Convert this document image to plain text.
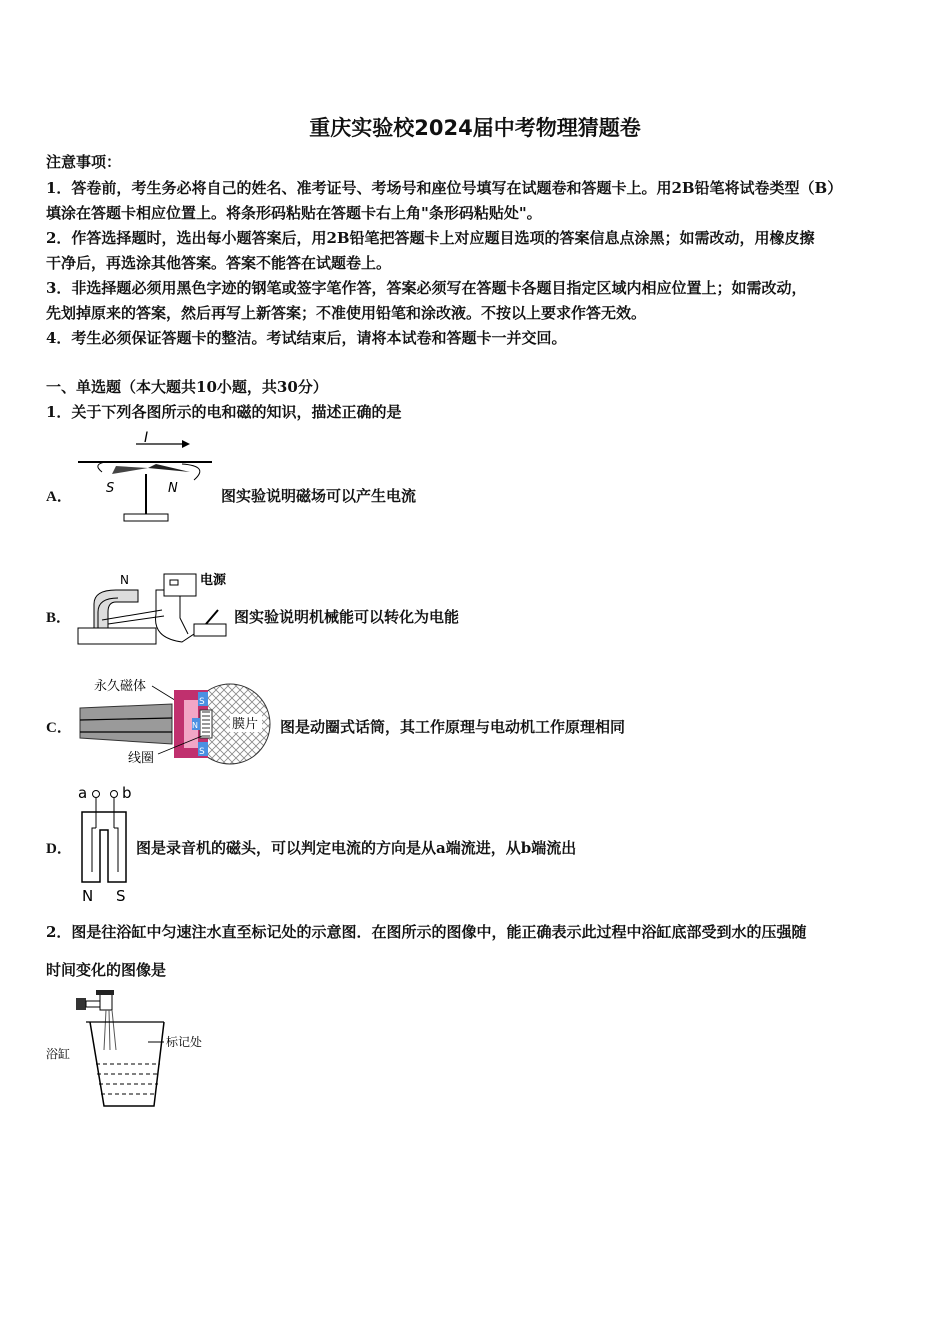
重庆实验校2024届中考物理猜题卷
注意事项：
1．答卷前，考生务必将自己的姓名、准考证号、考场号和座位号填写在试题卷和答题卡上。用2B铅笔将试卷类型（B）
填涂在答题卡相应位置上。将条形码粘贴在答题卡右上角"条形码粘贴处"。
2．作答选择题时，选出每小题答案后，用2B铅笔把答题卡上对应题目选项的答案信息点涂黑；如需改动，用橡皮擦
干净后，再选涂其他答案。答案不能答在试题卷上。
3．非选择题必须用黑色字迹的钢笔或签字笔作答，答案必须写在答题卡各题目指定区域内相应位置上；如需改动，
先划掉原来的答案，然后再写上新答案；不准使用铅笔和涂改液。不按以上要求作答无效。
4．考生必须保证答题卡的整洁。考试结束后，请将本试卷和答题卡一并交回。
一、单选题（本大题共10小题，共30分）
1．关于下列各图所示的电和磁的知识，描述正确的是
A．
I
S	N	图实验说明磁场可以产生电流
B．
N	电源
图实验说明机械能可以转化为电能
C．
永久磁体
S
S
N	膜片
线圈
图是动圈式话筒，其工作原理与电动机工作原理相同
D．
a b
N S
图是录音机的磁头，可以判定电流的方向是从a端流进，从b端流出
2．图是往浴缸中匀速注水直至标记处的示意图．在图所示的图像中，能正确表示此过程中浴缸底部受到水的压强随
时间变化的图像是
标记处
浴缸
